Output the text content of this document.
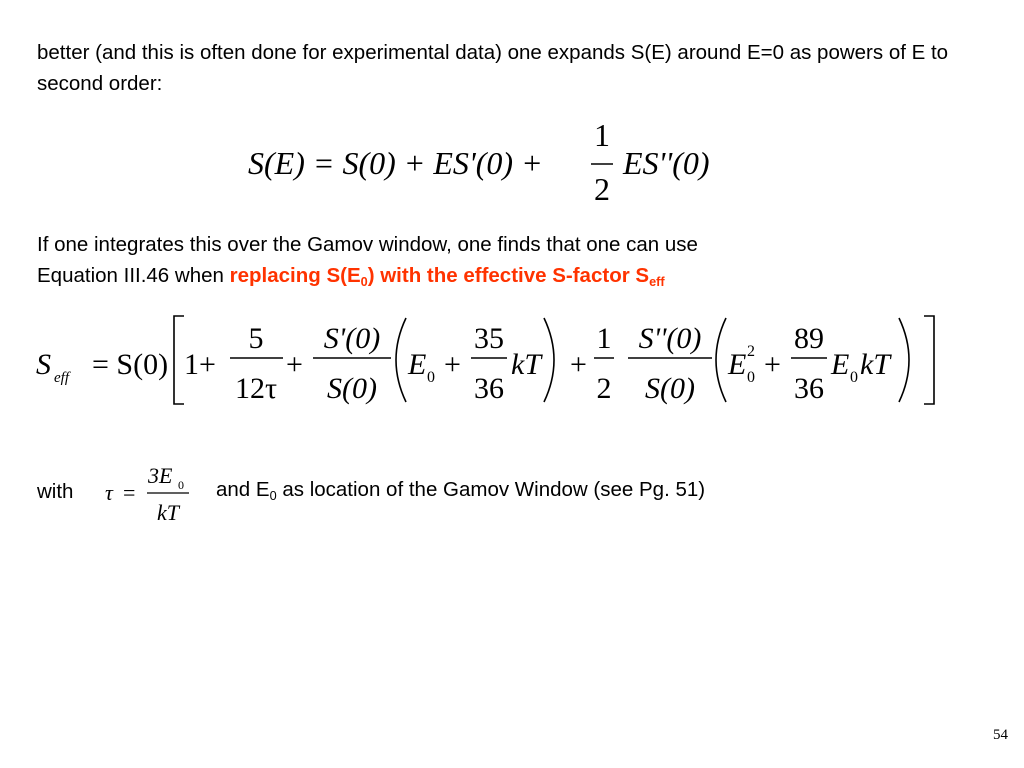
better (and this is often done for experimental data) one expands S(E) around E=0 as powers of E to second order:

S(E) = S(0) + ES'(0) +
1
2
ES''(0)

If one integrates this over the Gamov window, one finds that one can use
Equation III.46 when replacing $S(E_0)$ with the effective S-factor $S_{eff}$

S eff = S(0) 1+
5
12τ
+
S'(0)
S(0)
E 0 +
35
36
kT +
1
2
S''(0)
S(0)
E 2
0 +
89
36
E 0 kT
with τ =
3E 0
kT
and $E_0$ as location of the Gamov Window (see Pg. 51)
54
